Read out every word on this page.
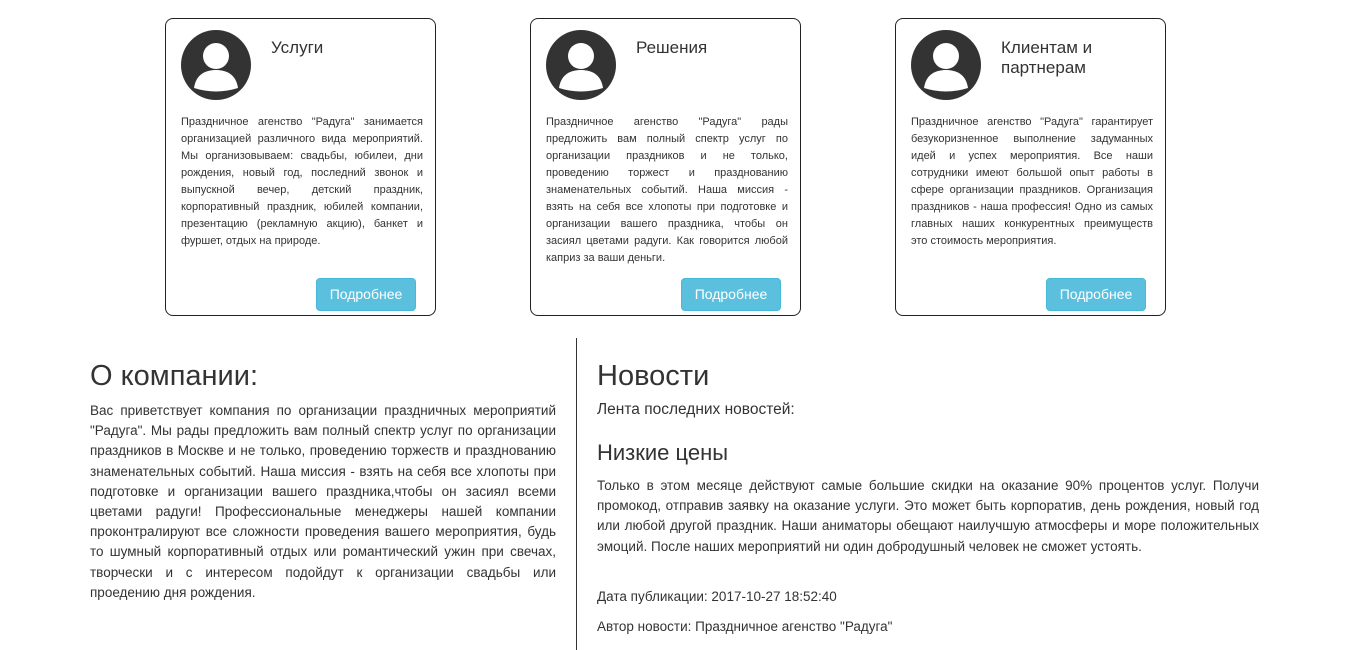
Услуги
Праздничное агенство "Радуга" занимается организацией различного вида мероприятий. Мы организовываем: свадьбы, юбилеи, дни рождения, новый год, последний звонок и выпускной вечер, детский праздник, корпоративный праздник, юбилей компании, презентацию (рекламную акцию), банкет и фуршет, отдых на природе.
Подробнее
Решения
Праздничное агенство "Радуга" рады предложить вам полный спектр услуг по организации праздников и не только, проведению торжест и празднованию знаменательных событий. Наша миссия - взять на себя все хлопоты при подготовке и организации вашего праздника, чтобы он засиял цветами радуги. Как говорится любой каприз за ваши деньги.
Подробнее
Клиентам и партнерам
Праздничное агенство "Радуга" гарантирует безукоризненное выполнение задуманных идей и успех мероприятия. Все наши сотрудники имеют большой опыт работы в сфере организации праздников. Организация праздников - наша профессия! Одно из самых главных наших конкурентных преимуществ это стоимость мероприятия.
Подробнее
О компании:
Вас приветствует компания по организации праздничных мероприятий "Радуга". Мы рады предложить вам полный спектр услуг по организации праздников в Москве и не только, проведению торжеств и празднованию знаменательных событий. Наша миссия - взять на себя все хлопоты при подготовке и организации вашего праздника,чтобы он засиял всеми цветами радуги! Профессиональные менеджеры нашей компании проконтралируют все сложности проведения вашего мероприятия, будь то шумный корпоративный отдых или романтический ужин при свечах, творчески и с интересом подойдут к организации свадьбы или проедению дня рождения.
Новости
Лента последних новостей:
Низкие цены
Только в этом месяце действуют самые большие скидки на оказание 90% процентов услуг. Получи промокод, отправив заявку на оказание услуги. Это может быть корпоратив, день рождения, новый год или любой другой праздник. Наши аниматоры обещают наилучшую атмосферы и море положительных эмоций. После наших мероприятий ни один добродушный человек не сможет устоять.
Дата публикации: 2017-10-27 18:52:40
Автор новости: Праздничное агенство "Радуга"
